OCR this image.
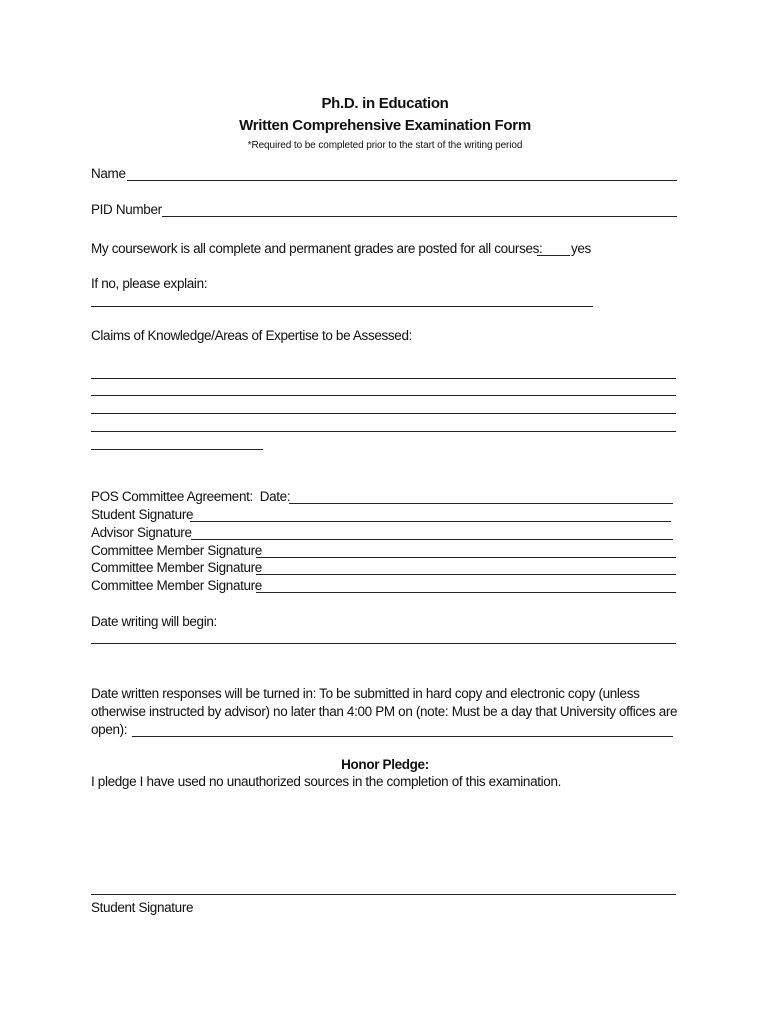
Ph.D. in Education
Written Comprehensive Examination Form
*Required to be completed prior to the start of the writing period
Name
PID Number
My coursework is all complete and permanent grades are posted for all courses: yes
If no, please explain:
Claims of Knowledge/Areas of Expertise to be Assessed:
POS Committee Agreement:  Date:
Student Signature
Advisor Signature
Committee Member Signature
Committee Member Signature
Committee Member Signature
Date writing will begin:
Date written responses will be turned in: To be submitted in hard copy and electronic copy (unless
otherwise instructed by advisor) no later than 4:00 PM on (note: Must be a day that University offices are
open):
Honor Pledge:
I pledge I have used no unauthorized sources in the completion of this examination.
Student Signature
